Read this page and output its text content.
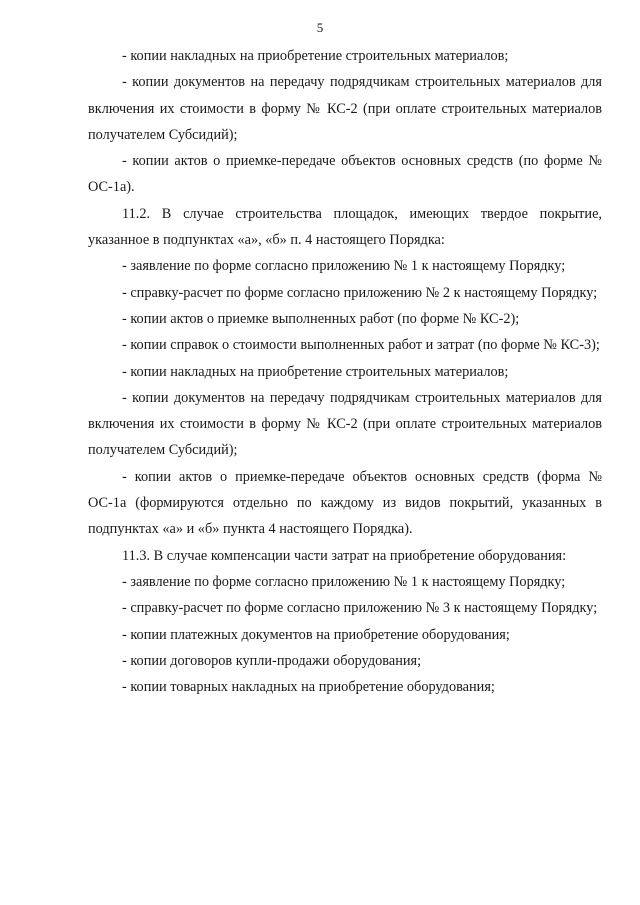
5

- копии накладных на приобретение строительных материалов;

- копии документов на передачу подрядчикам строительных материалов для включения их стоимости в форму № КС-2 (при оплате строительных материалов получателем Субсидий);

- копии актов о приемке-передаче объектов основных средств (по форме № ОС-1а).

11.2. В случае строительства площадок, имеющих твердое покрытие, указанное в подпунктах «а», «б» п. 4 настоящего Порядка:

- заявление по форме согласно приложению № 1 к настоящему Порядку;

- справку-расчет по форме согласно приложению № 2 к настоящему Порядку;

- копии актов о приемке выполненных работ (по форме № КС-2);

- копии справок о стоимости выполненных работ и затрат (по форме № КС-3);

- копии накладных на приобретение строительных материалов;

- копии документов на передачу подрядчикам строительных материалов для включения их стоимости в форму № КС-2 (при оплате строительных материалов получателем Субсидий);

- копии актов о приемке-передаче объектов основных средств (форма № ОС-1а (формируются отдельно по каждому из видов покрытий, указанных в подпунктах «а» и «б» пункта 4 настоящего Порядка).

11.3. В случае компенсации части затрат на приобретение оборудования:

- заявление по форме согласно приложению № 1 к настоящему Порядку;

- справку-расчет по форме согласно приложению № 3 к настоящему Порядку;

- копии платежных документов на приобретение оборудования;

- копии договоров купли-продажи оборудования;

- копии товарных накладных на приобретение оборудования;
